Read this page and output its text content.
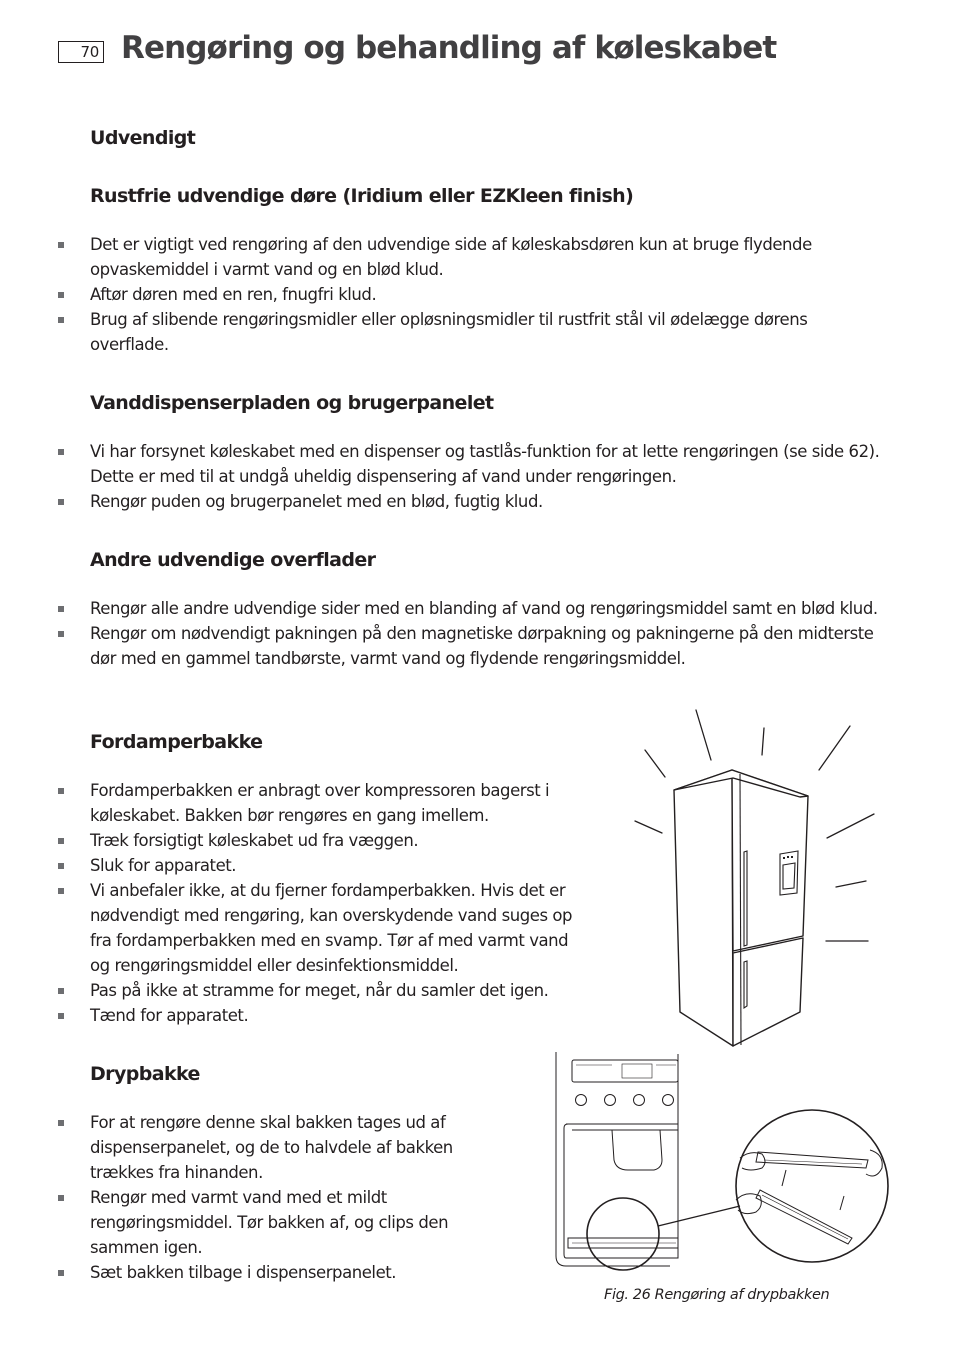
70 Rengøring og behandling af køleskabet
Udvendigt
Rustfrie udvendige døre (Iridium eller EZKleen finish)
Det er vigtigt ved rengøring af den udvendige side af køleskabsdøren kun at bruge flydende opvaskemiddel i varmt vand og en blød klud.
Aftør døren med en ren, fnugfri klud.
Brug af slibende rengøringsmidler eller opløsningsmidler til rustfrit stål vil ødelægge dørens overflade.
Vanddispenserpladen og brugerpanelet
Vi har forsynet køleskabet med en dispenser og tastlås-funktion for at lette rengøringen (se side 62). Dette er med til at undgå uheldig dispensering af vand under rengøringen.
Rengør puden og brugerpanelet med en blød, fugtig klud.
Andre udvendige overflader
Rengør alle andre udvendige sider med en blanding af vand og rengøringsmiddel samt en blød klud.
Rengør om nødvendigt pakningen på den magnetiske dørpakning og pakningerne på den midterste dør med en gammel tandbørste, varmt vand og flydende rengøringsmiddel.
Fordamperbakke
Fordamperbakken er anbragt over kompressoren bagerst i køleskabet. Bakken bør rengøres en gang imellem.
Træk forsigtigt køleskabet ud fra væggen.
Sluk for apparatet.
Vi anbefaler ikke, at du fjerner fordamperbakken. Hvis det er nødvendigt med rengøring, kan overskydende vand suges op fra fordamperbakken med en svamp. Tør af med varmt vand og rengøringsmiddel eller desinfektionsmiddel.
Pas på ikke at stramme for meget, når du samler det igen.
Tænd for apparatet.
Drypbakke
For at rengøre denne skal bakken tages ud af dispenserpanelet, og de to halvdele af bakken trækkes fra hinanden.
Rengør med varmt vand med et mildt rengøringsmiddel. Tør bakken af, og clips den sammen igen.
Sæt bakken tilbage i dispenserpanelet.
Fig. 26 Rengøring af drypbakken
